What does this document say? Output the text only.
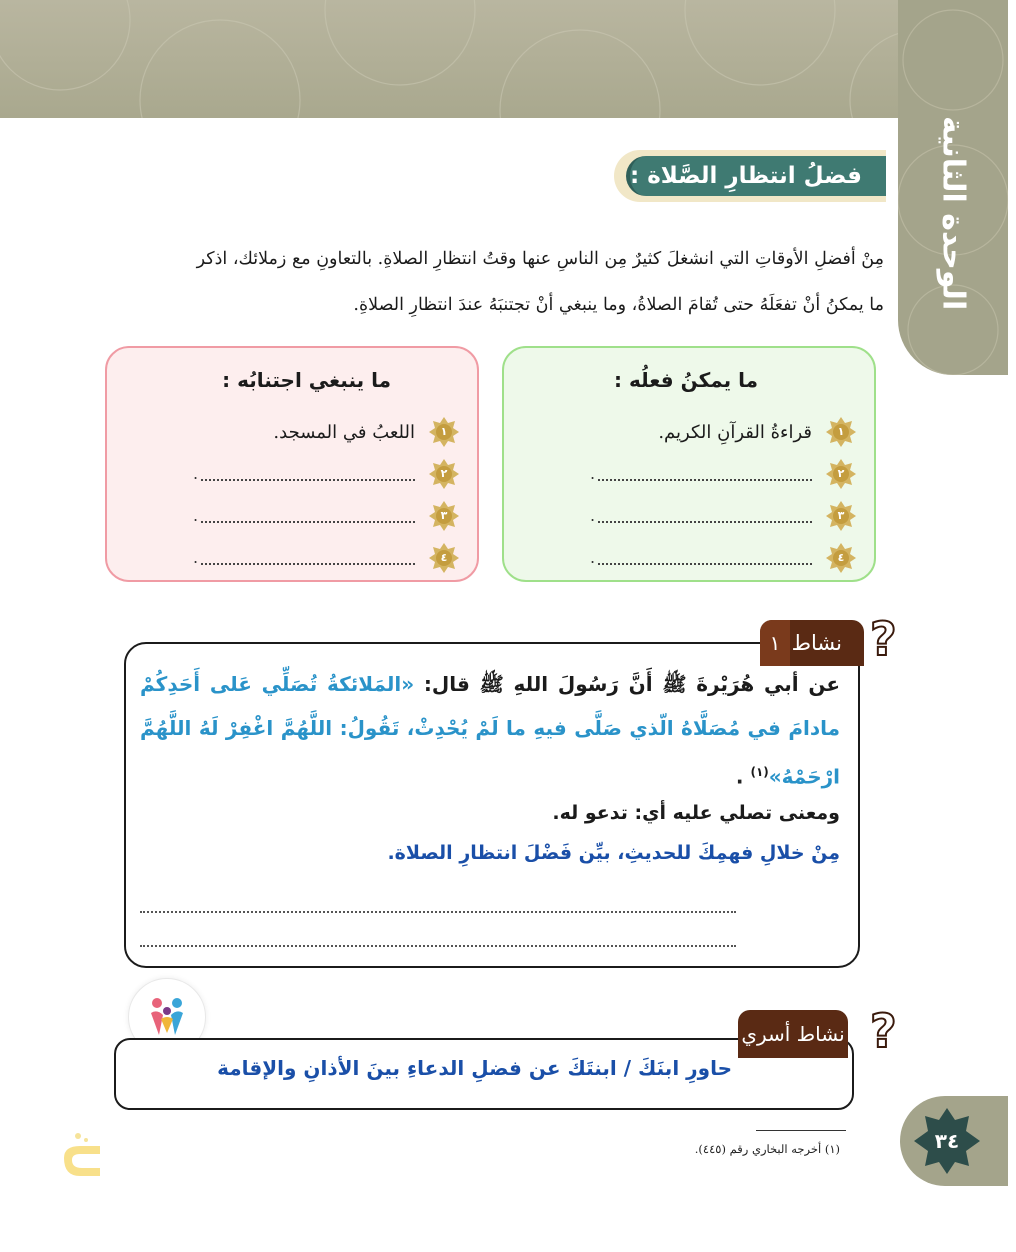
الوحدة الثانية
فضلُ انتظارِ الصَّلاة :
مِنْ أفضلِ الأوقاتِ التي انشغلَ كثيرٌ مِن الناسِ عنها وقتُ انتظارِ الصلاةِ. بالتعاونِ مع زملائك، اذكر
ما يمكنُ أنْ تفعَلَهُ حتى تُقامَ الصلاةُ، وما ينبغي أنْ تجتنبَهُ عندَ انتظارِ الصلاةِ.
ما يمكنُ فعلُه :
١
قراءةُ القرآنِ الكريم.
٢
.
٣
.
٤
.
ما ينبغي اجتنابُه :
١
اللعبُ في المسجد.
٢
.
٣
.
٤
.
عن أبي هُرَيْرةَ ﷺ أَنَّ رَسُولَ اللهِ ﷺ قال: «المَلائكةُ تُصَلِّي عَلى أَحَدِكُمْ مادامَ في مُصَلَّاهُ الّذي صَلَّى فيهِ ما لَمْ يُحْدِثْ، تَقُولُ: اللَّهُمَّ اغْفِرْ لَهُ اللَّهُمَّ ارْحَمْهُ»$^{(١)}$ .
ومعنى تصلي عليه أي: تدعو له.
مِنْ خلالِ فهمِكَ للحديثِ، بيِّن فَضْلَ انتظارِ الصلاة.
١ نشاط ?
حاورِ ابنَكَ / ابنتَكَ عن فضلِ الدعاءِ بينَ الأذانِ والإقامة
نشاط أسري ?
٣٤
(١) أخرجه البخاري رقم (٤٤٥).
